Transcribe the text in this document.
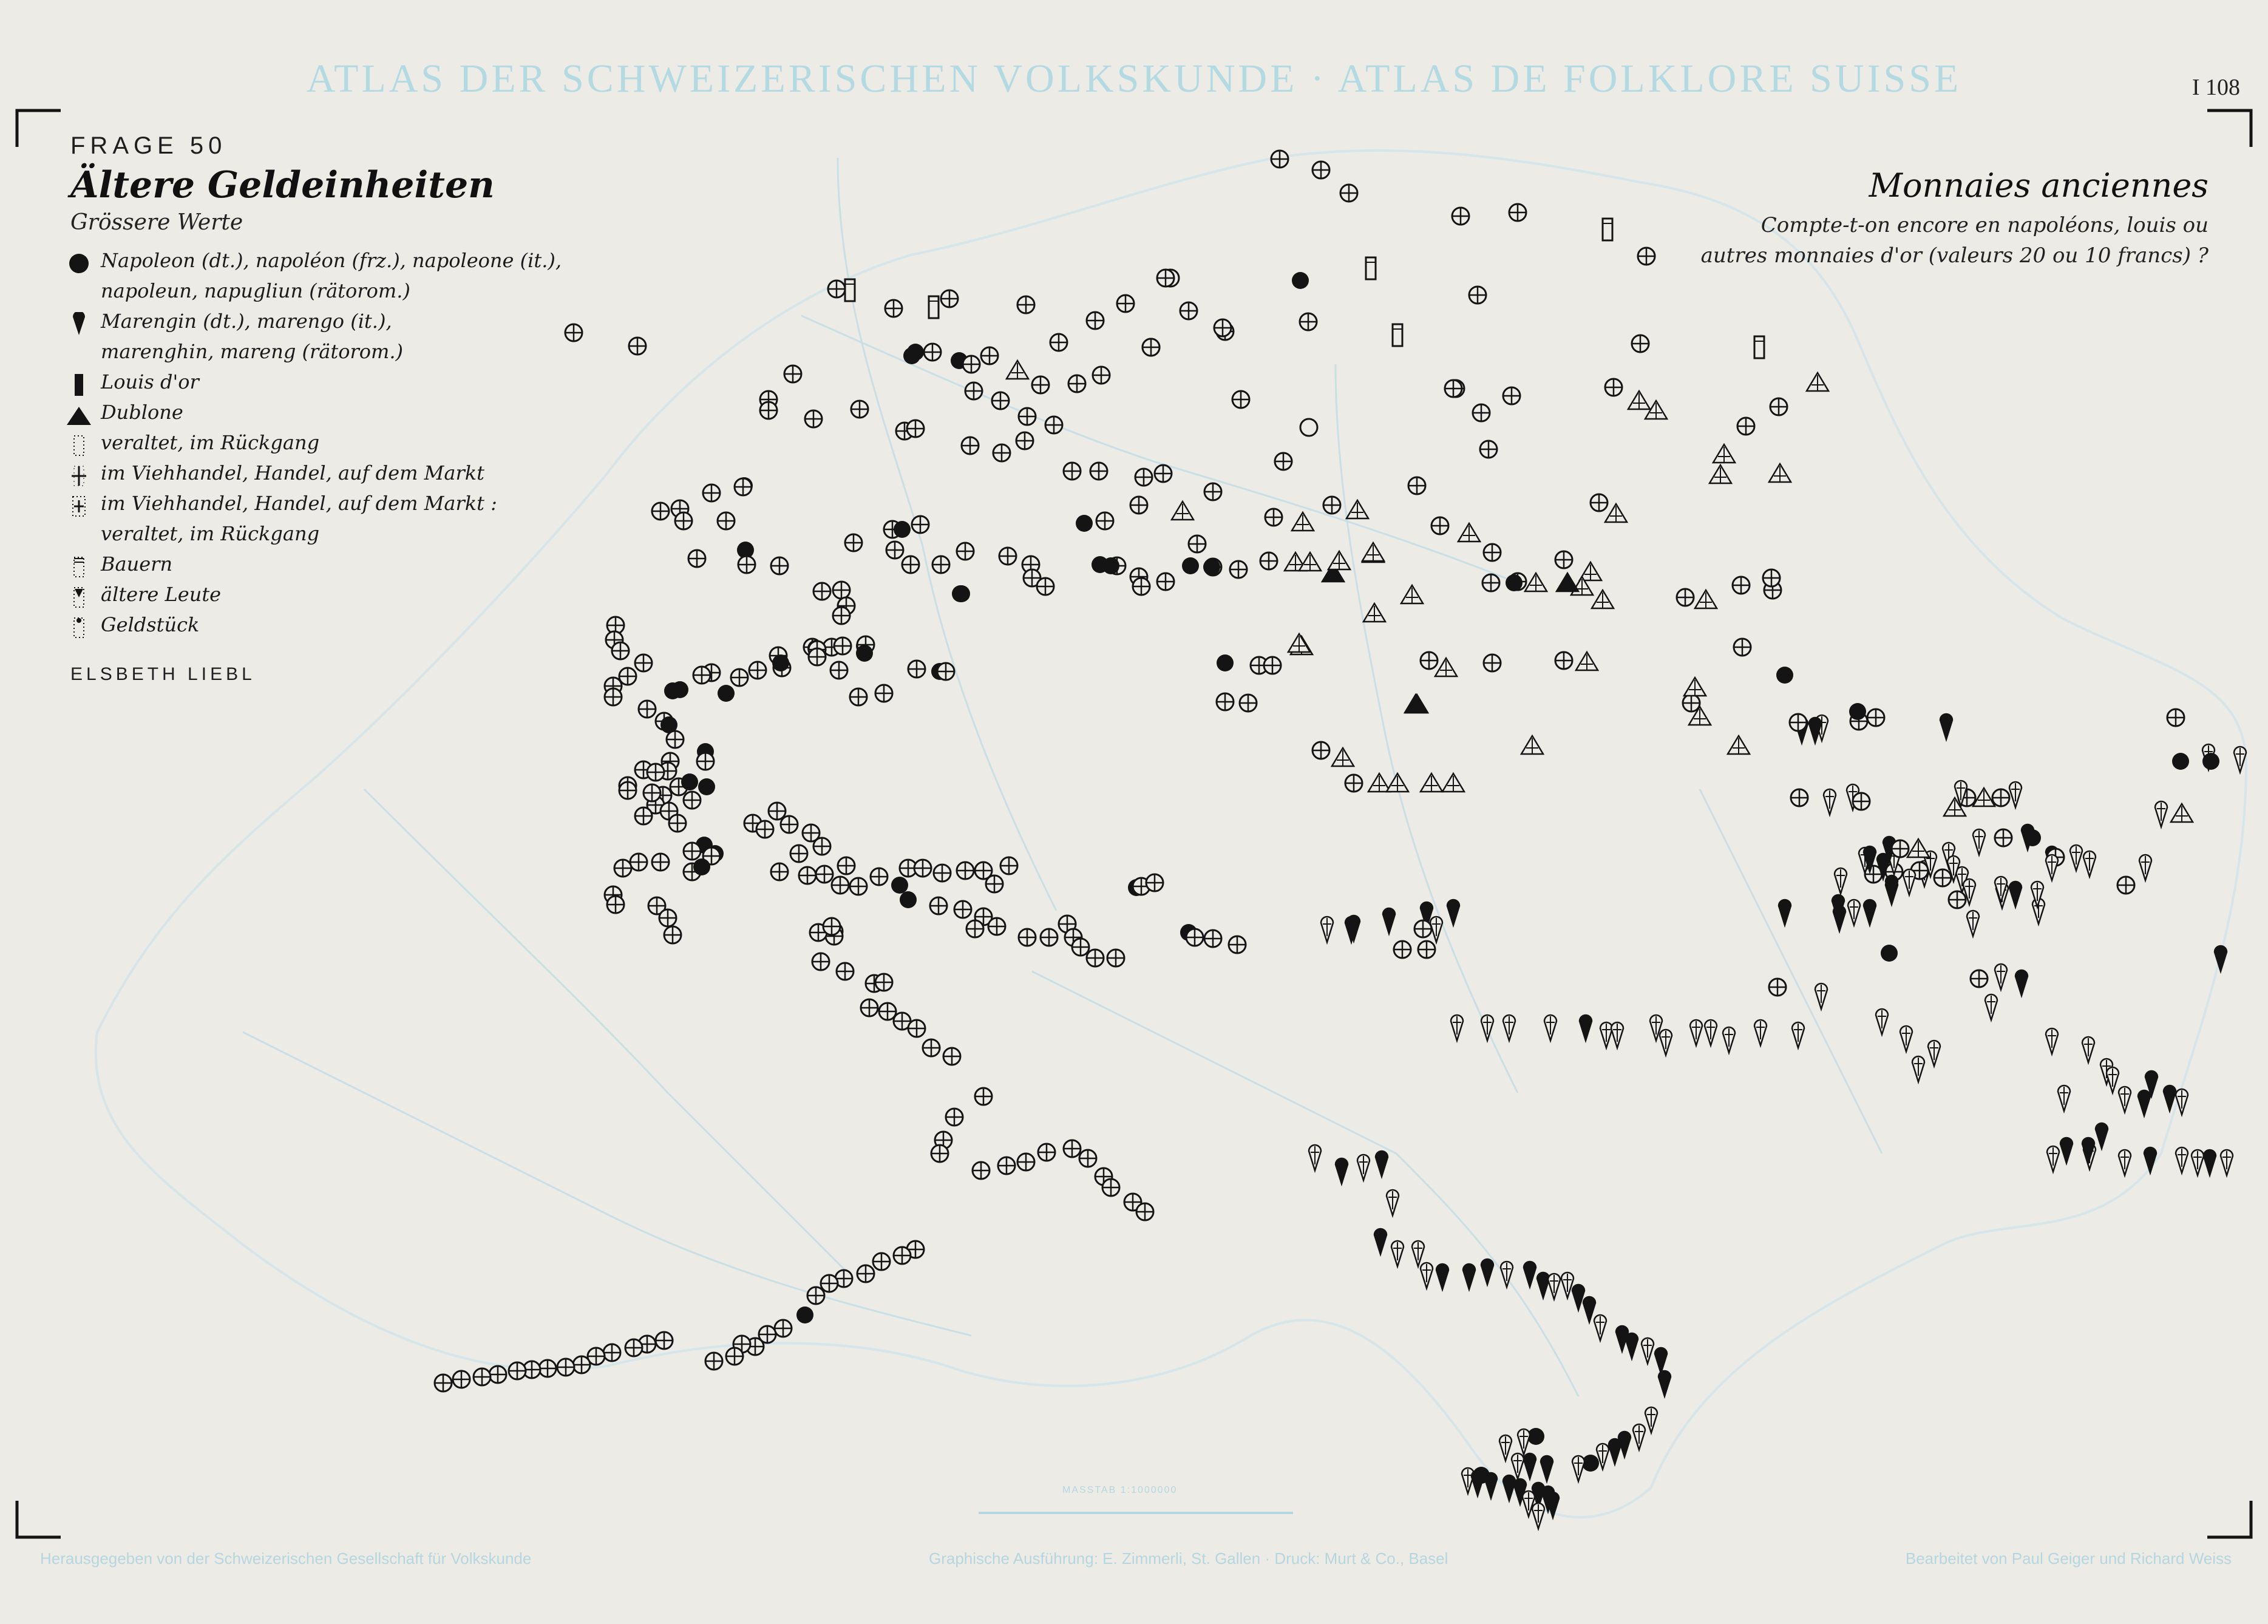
ATLAS DER SCHWEIZERISCHEN VOLKSKUNDE · ATLAS DE FOLKLORE SUISSE	I 108
FRAGE 50
Ältere Geldeinheiten
Grössere Werte
Napoleon (dt.), napoléon (frz.), napoleone (it.),
napoleun, napugliun (rätorom.)
Marengin (dt.), marengo (it.),
marenghin, mareng (rätorom.)
Louis d'or
Dublone
veraltet, im Rückgang
im Viehhandel, Handel, auf dem Markt
im Viehhandel, Handel, auf dem Markt :
veraltet, im Rückgang
Bauern
ältere Leute
Geldstück
ELSBETH LIEBL
Monnaies anciennes
Compte-t-on encore en napoléons, louis ou
autres monnaies d'or (valeurs 20 ou 10 francs) ?
MASSTAB 1:1000000
Herausgegeben von der Schweizerischen Gesellschaft für Volkskunde	Graphische Ausführung: E. Zimmerli, St. Gallen · Druck: Murt & Co., Basel	Bearbeitet von Paul Geiger und Richard Weiss
